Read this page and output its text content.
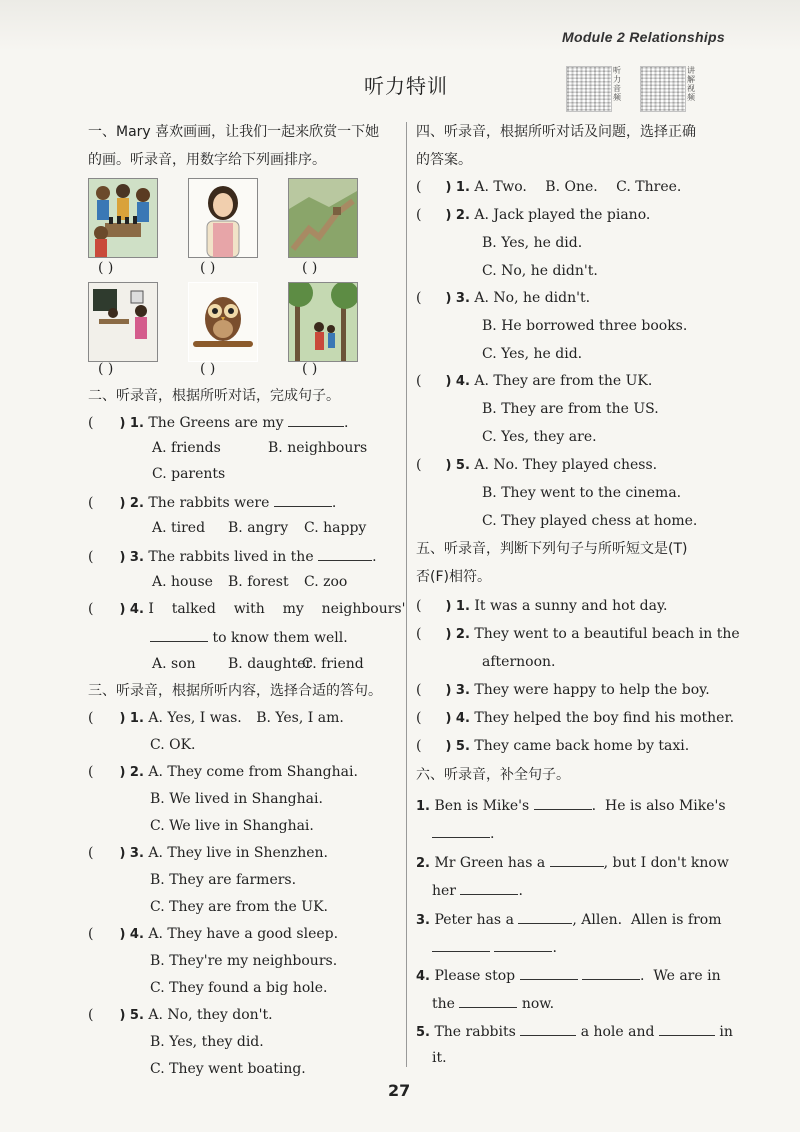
Module 2 Relationships
听力特训
听力音频
讲解视频
一、Mary 喜欢画画，让我们一起来欣赏一下她
的画。听录音，用数字给下列画排序。
( )	( )	( )
( )	( )	( )
二、听录音，根据所听对话，完成句子。
( ) 1. The Greens are my	.
A. friends	B. neighbours
C. parents
( ) 2. The rabbits were	.
A. tired B. angry C. happy
( ) 3. The rabbits lived in the	.
A. house B. forest C. zoo
( ) 4. I    talked    with    my    neighbours'
to know them well.
A. son B. daughter
C. friend
三、听录音，根据所听内容，选择合适的答句。
( ) 1. A. Yes, I was. B. Yes, I am.
C. OK.
( ) 2. A. They come from Shanghai.
B. We lived in Shanghai.
C. We live in Shanghai.
( ) 3. A. They live in Shenzhen.
B. They are farmers.
C. They are from the UK.
( ) 4. A. They have a good sleep.
B. They're my neighbours.
C. They found a big hole.
( ) 5. A. No, they don't.
B. Yes, they did.
C. They went boating.
四、听录音，根据所听对话及问题，选择正确
的答案。
( ) 1. A. Two. B. One. C. Three.
( ) 2. A. Jack played the piano.
B. Yes, he did.
C. No, he didn't.
( ) 3. A. No, he didn't.
B. He borrowed three books.
C. Yes, he did.
( ) 4. A. They are from the UK.
B. They are from the US.
C. Yes, they are.
( ) 5. A. No. They played chess.
B. They went to the cinema.
C. They played chess at home.
五、听录音，判断下列句子与所听短文是(T)
否(F)相符。
( ) 1. It was a sunny and hot day.
( ) 2. They went to a beautiful beach in the
afternoon.
( ) 3. They were happy to help the boy.
( ) 4. They helped the boy find his mother.
( ) 5. They came back home by taxi.
六、听录音，补全句子。
1. Ben is Mike's	.  He is also Mike's
.
2. Mr Green has a	, but I don't know
her	.
3. Peter has a	, Allen.  Allen is from
.
4. Please stop	.  We are in
the	now.
5. The rabbits	a hole and	in
it.
27
